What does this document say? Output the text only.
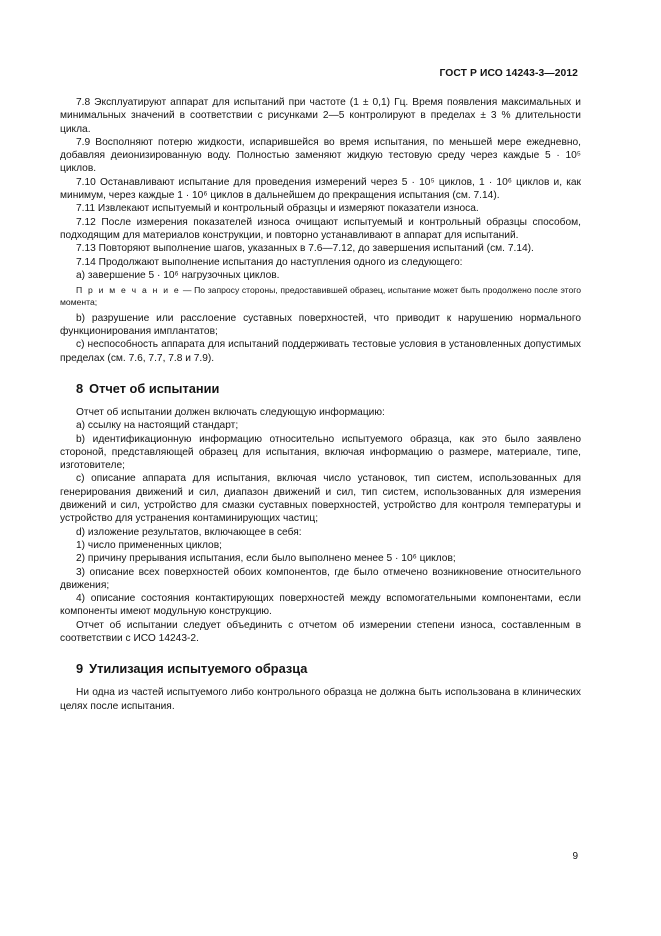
ГОСТ Р ИСО 14243-3—2012

7.8 Эксплуатируют аппарат для испытаний при частоте (1 ± 0,1) Гц. Время появления максимальных и минимальных значений в соответствии с рисунками 2—5 контролируют в пределах ± 3 % длительности цикла.

7.9 Восполняют потерю жидкости, испарившейся во время испытания, по меньшей мере ежедневно, добавляя деионизированную воду. Полностью заменяют жидкую тестовую среду через каждые 5 · 10⁵ циклов.

7.10 Останавливают испытание для проведения измерений через 5 · 10⁵ циклов, 1 · 10⁶ циклов и, как минимум, через каждые 1 · 10⁶ циклов в дальнейшем до прекращения испытания (см. 7.14).

7.11 Извлекают испытуемый и контрольный образцы и измеряют показатели износа.

7.12 После измерения показателей износа очищают испытуемый и контрольный образцы способом, подходящим для материалов конструкции, и повторно устанавливают в аппарат для испытаний.

7.13 Повторяют выполнение шагов, указанных в 7.6—7.12, до завершения испытаний (см. 7.14).

7.14 Продолжают выполнение испытания до наступления одного из следующего:

a) завершение 5 · 10⁶ нагрузочных циклов.

П р и м е ч а н и е — По запросу стороны, предоставившей образец, испытание может быть продолжено после этого момента;

b) разрушение или расслоение суставных поверхностей, что приводит к нарушению нормального функционирования имплантатов;

c) неспособность аппарата для испытаний поддерживать тестовые условия в установленных допустимых пределах (см. 7.6, 7.7, 7.8 и 7.9).

8 Отчет об испытании

Отчет об испытании должен включать следующую информацию:

a) ссылку на настоящий стандарт;

b) идентификационную информацию относительно испытуемого образца, как это было заявлено стороной, представляющей образец для испытания, включая информацию о размере, материале, типе, изготовителе;

c) описание аппарата для испытания, включая число установок, тип систем, использованных для генерирования движений и сил, диапазон движений и сил, тип систем, использованных для измерения движений и сил, устройство для смазки суставных поверхностей, устройство для контроля температуры и устройство для устранения контаминирующих частиц;

d) изложение результатов, включающее в себя:

1) число примененных циклов;

2) причину прерывания испытания, если было выполнено менее 5 · 10⁶ циклов;

3) описание всех поверхностей обоих компонентов, где было отмечено возникновение относительного движения;

4) описание состояния контактирующих поверхностей между вспомогательными компонентами, если компоненты имеют модульную конструкцию.

Отчет об испытании следует объединить с отчетом об измерении степени износа, составленным в соответствии с ИСО 14243-2.

9 Утилизация испытуемого образца

Ни одна из частей испытуемого либо контрольного образца не должна быть использована в клинических целях после испытания.

9
